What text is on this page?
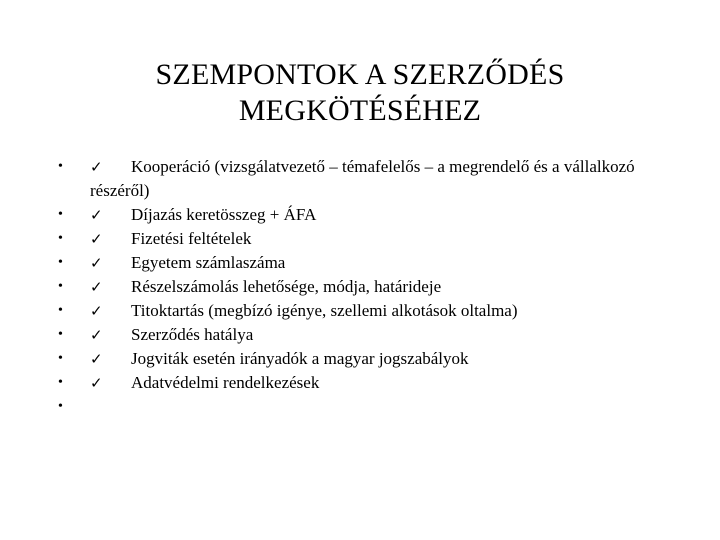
SZEMPONTOK A SZERZŐDÉS
MEGKÖTÉSÉHEZ
•	✓	Kooperáció (vizsgálatvezető – témafelelős – a megrendelő és a vállalkozó részéről)
•	✓	Díjazás keretösszeg + ÁFA
•	✓	Fizetési feltételek
•	✓	Egyetem számlaszáma
•	✓	Részelszámolás lehetősége, módja, határideje
•	✓	Titoktartás (megbízó igénye, szellemi alkotások oltalma)
•	✓	Szerződés hatálya
•	✓	Jogviták esetén irányadók a magyar jogszabályok
•	✓	Adatvédelmi rendelkezések
•
